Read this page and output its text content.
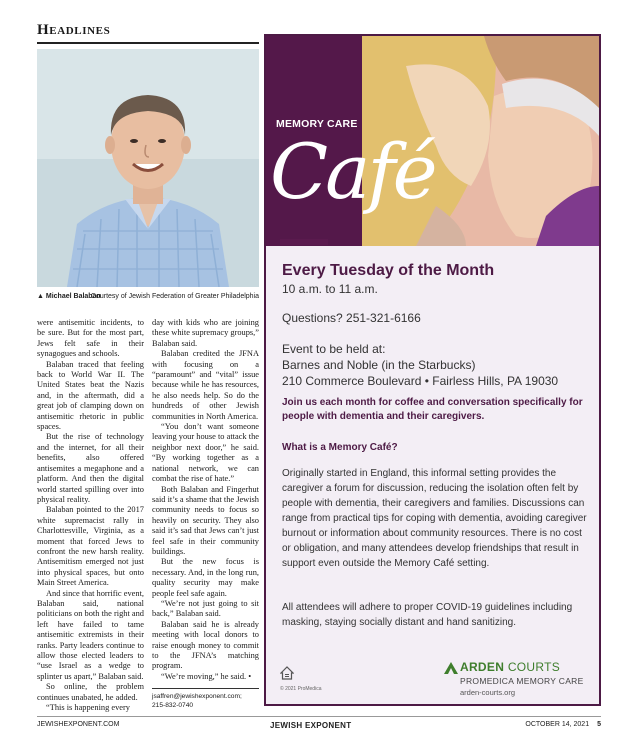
Headlines
▲ Michael Balaban
Courtesy of Jewish Federation of Greater Philadelphia

were antisemitic incidents, to be sure. But for the most part, Jews felt safe in their synagogues and schools.

Balaban traced that feeling back to World War II. The United States beat the Nazis and, in the aftermath, did a great job of clamping down on antisemitic rhetoric in public spaces.

But the rise of technology and the internet, for all their benefits, also offered antisemites a megaphone and a platform. And then the digital world started spilling over into physical reality.

Balaban pointed to the 2017 white supremacist rally in Charlottesville, Virginia, as a moment that forced Jews to confront the new harsh reality. Antisemitism emerged not just into physical spaces, but onto Main Street America.

And since that horrific event, Balaban said, national politicians on both the right and left have failed to tame antisemitic extremists in their ranks. Party leaders continue to allow those elected leaders to “use Israel as a wedge to splinter us apart,” Balaban said.

So online, the problem continues unabated, he added.

“This is happening every

day with kids who are joining these white supremacy groups,” Balaban said.

Balaban credited the JFNA with focusing on a “paramount” and “vital” issue because while he has resources, he also needs help. So do the hundreds of other Jewish communities in North America.

“You don’t want someone leaving your house to attack the neighbor next door,” he said. “By working together as a national network, we can combat the rise of hate.”

Both Balaban and Fingerhut said it’s a shame that the Jewish community needs to focus so heavily on security. They also said it’s sad that Jews can’t just feel safe in their community buildings.

But the new focus is necessary. And, in the long run, quality security may make people feel safe again.

“We’re not just going to sit back,” Balaban said.

Balaban said he is already meeting with local donors to raise enough money to commit to the JFNA’s matching program.

“We’re moving,” he said. •

jsaffren@jewishexponent.com;
215-832-0740
MEMORY CARE
Café
Every Tuesday of the Month
10 a.m. to 11 a.m.
Questions? 251-321-6166
Event to be held at:
Barnes and Noble (in the Starbucks)
210 Commerce Boulevard • Fairless Hills, PA 19030
Join us each month for coffee and conversation specifically for people with dementia and their caregivers.
What is a Memory Café?
Originally started in England, this informal setting provides the caregiver a forum for discussion, reducing the isolation often felt by people with dementia, their caregivers and families. Discussions can range from practical tips for coping with dementia, avoiding caregiver burnout or information about community resources. There is no cost or obligation, and many attendees develop friendships that result in support even outside the Memory Café setting.
All attendees will adhere to proper COVID-19 guidelines including masking, staying socially distant and hand sanitizing.
© 2021 ProMedica
ARDEN COURTS
PROMEDICA MEMORY CARE
arden-courts.org
JEWISHEXPONENT.COM	JEWISH EXPONENT	OCTOBER 14, 2021 5
